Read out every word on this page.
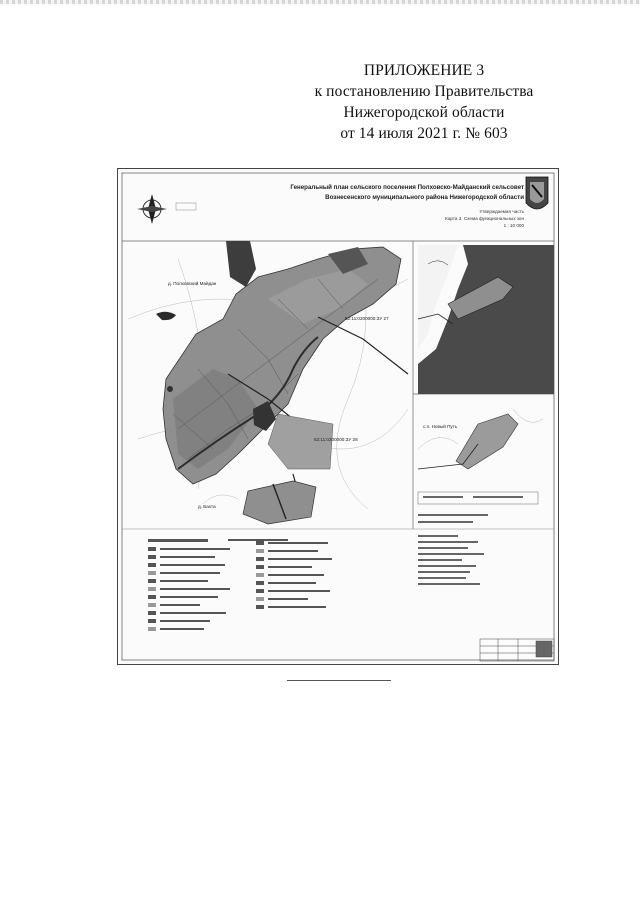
ПРИЛОЖЕНИЕ 3
к постановлению Правительства
Нижегородской области
от 14 июля 2021 г. № 603
Генеральный план сельского поселения Полховско-Майданский сельсовет
Вознесенского муниципального района Нижегородской области
Утверждаемая часть
Карта 3. Схема функциональных зон
1 : 10 000
д. Полховский Майдан
д. Бахта
с.п. Новый Путь
52:11:0200000:ЗУ 27
52:11:0200000:ЗУ 28
